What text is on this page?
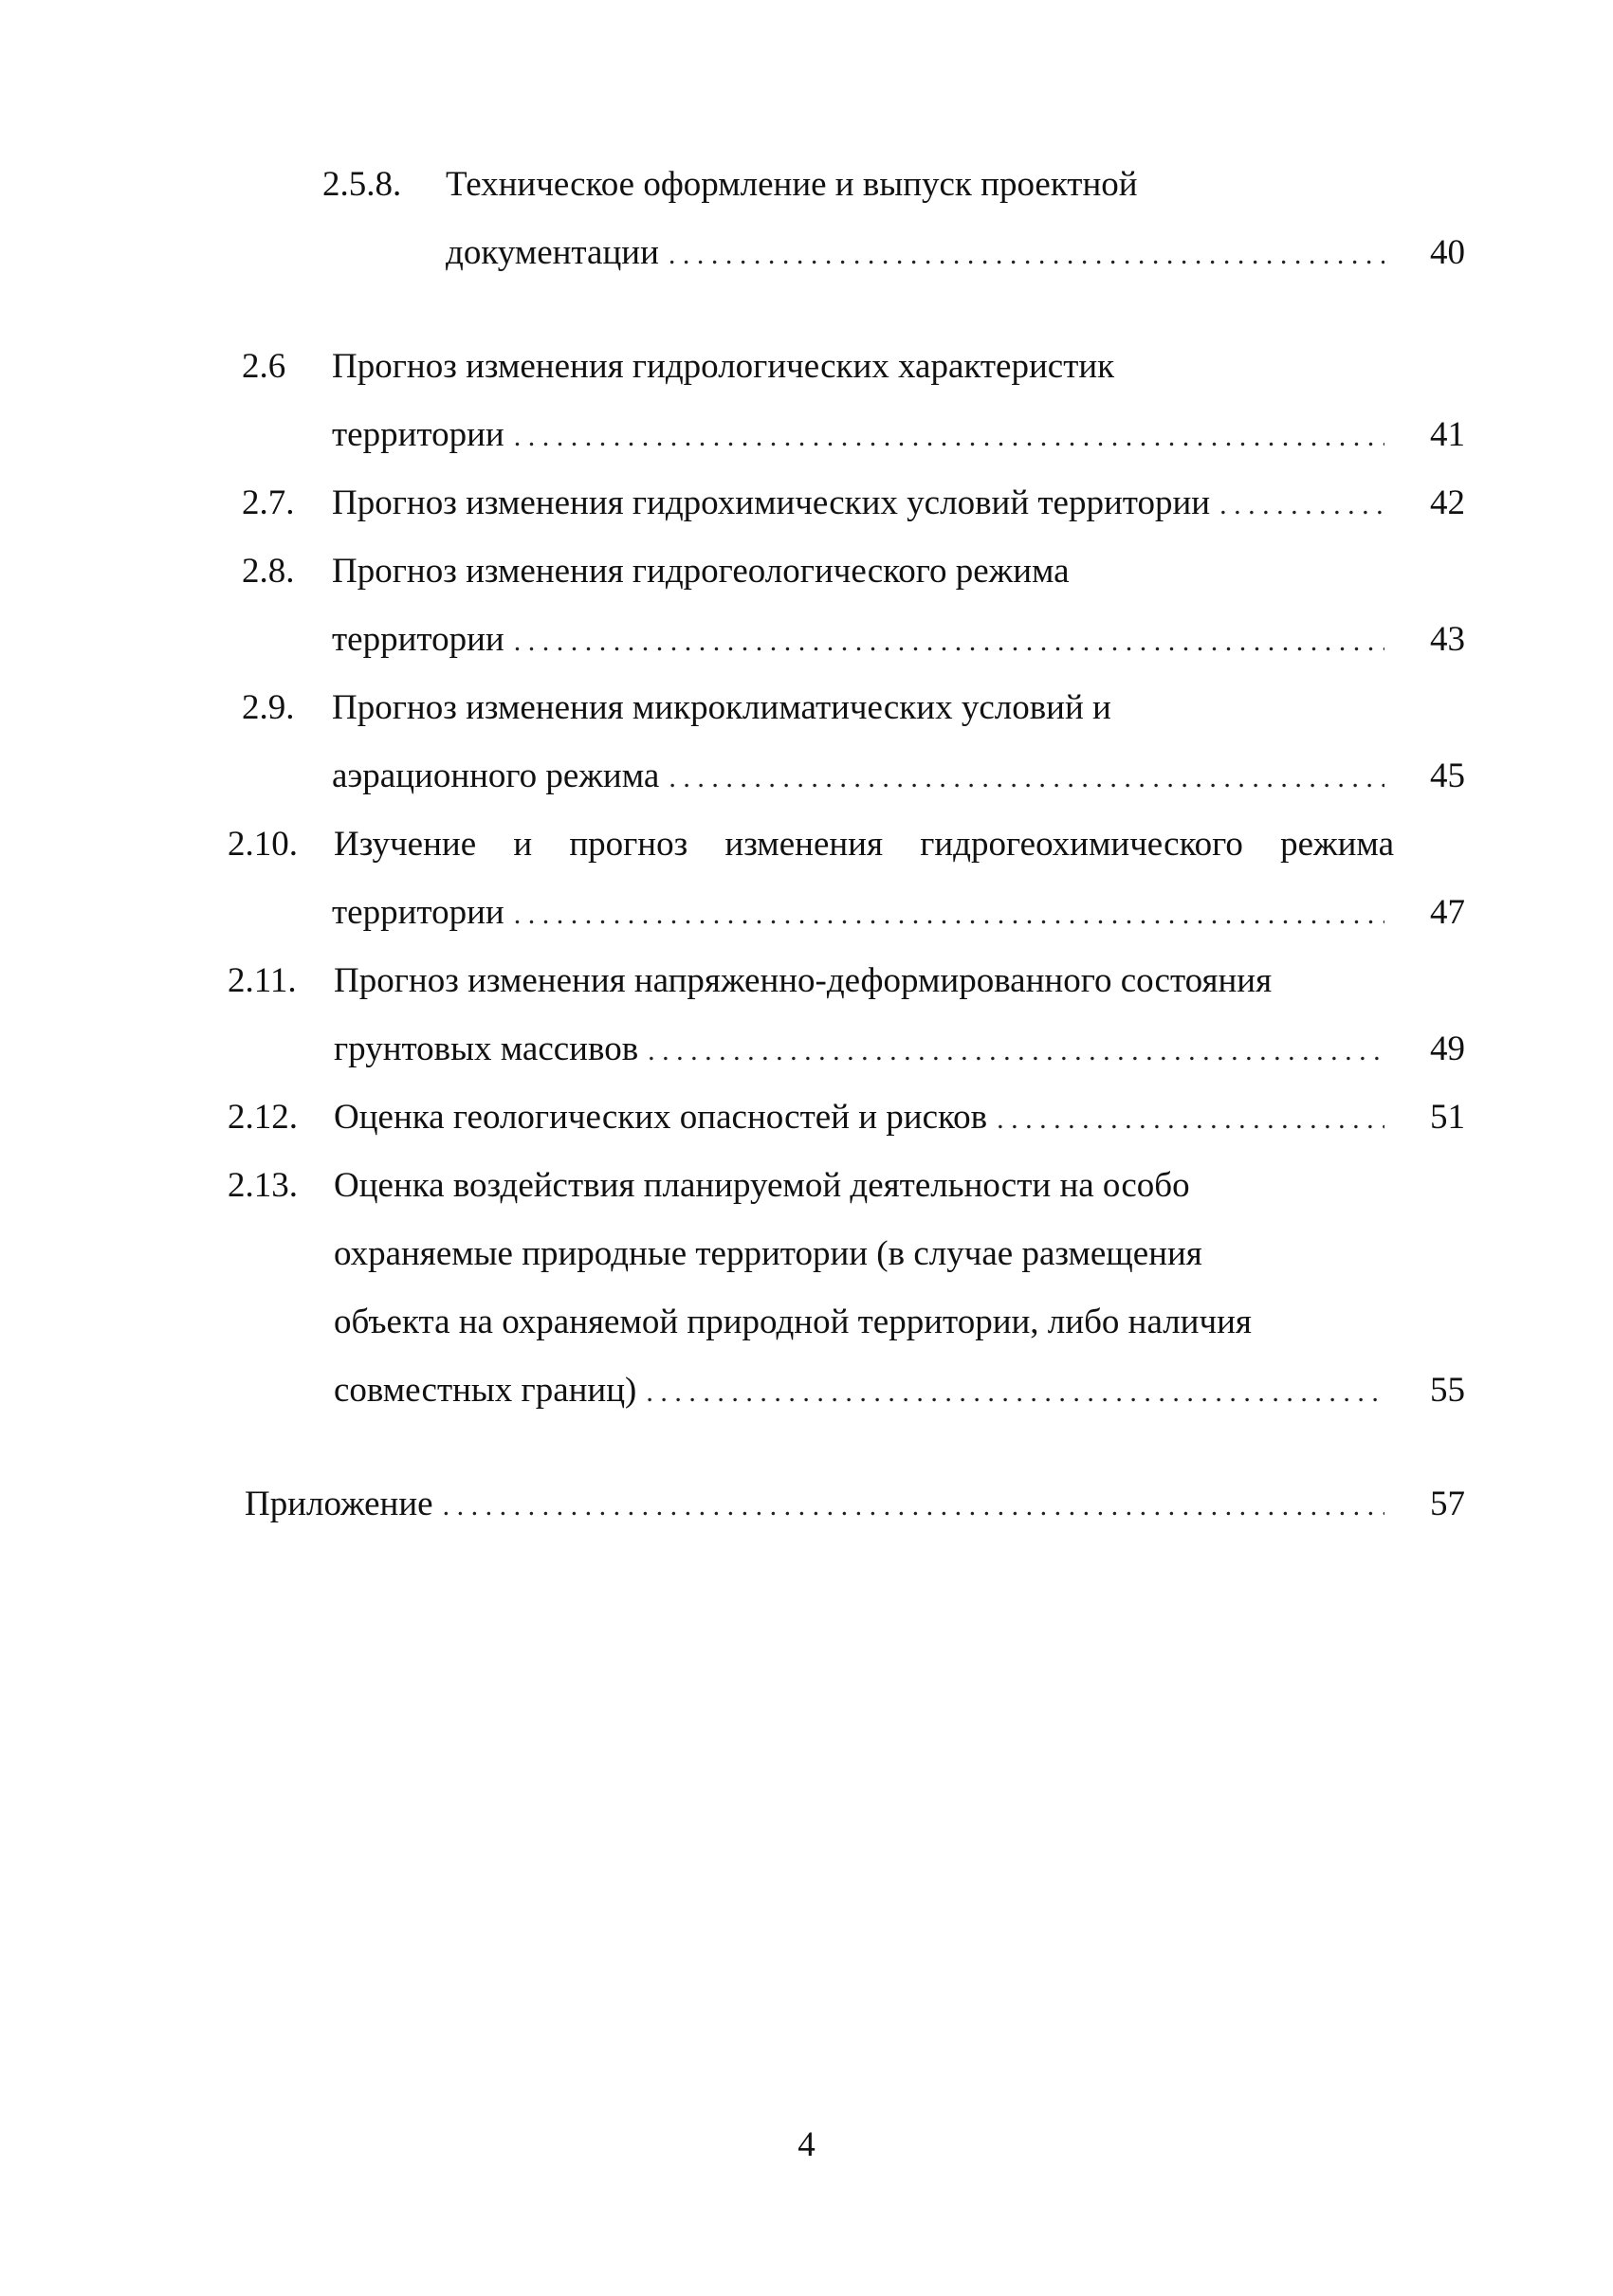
2.5.8. Техническое оформление и выпуск проектной
документации . . .	40
2.6 Прогноз изменения гидрологических характеристик
территории . . .	41
2.7. Прогноз изменения гидрохимических условий территории . . .	42
2.8. Прогноз изменения гидрогеологического режима
территории . . .	43
2.9. Прогноз изменения микроклиматических условий и
аэрационного режима . . .	45
2.10. Изучение и прогноз изменения гидрогеохимического режима
территории . . .	47
2.11. Прогноз изменения напряженно-деформированного состояния
грунтовых массивов . . .	49
2.12. Оценка геологических опасностей и рисков . . .	51
2.13. Оценка воздействия планируемой деятельности на особо
охраняемые природные территории (в случае размещения
объекта на охраняемой природной территории, либо наличия
совместных границ) . . .	55
Приложение . . .	57
4
